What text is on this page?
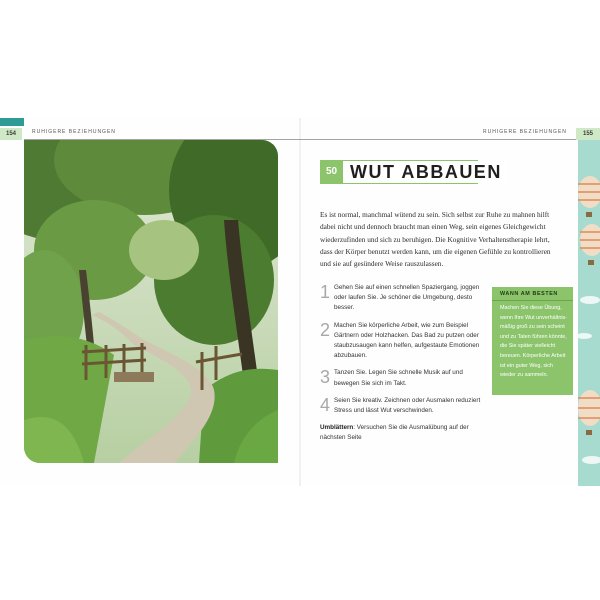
154	RUHIGERE BEZIEHUNGEN	RUHIGERE BEZIEHUNGEN	155
50 WUT ABBAUEN
Es ist normal, manchmal wütend zu sein. Sich selbst zur Ruhe zu mahnen hilft dabei nicht und dennoch braucht man einen Weg, sein eigenes Gleichgewicht wiederzufinden und sich zu beruhigen. Die Kognitive Verhaltenstherapie lehrt, dass der Körper benutzt werden kann, um die eigenen Gefühle zu kontrollieren und sie auf gesündere Weise rauszulassen.
1 Gehen Sie auf einen schnellen Spaziergang, joggen oder laufen Sie. Je schöner die Umgebung, desto besser.
2 Machen Sie körperliche Arbeit, wie zum Beispiel Gärtnern oder Holzhacken. Das Bad zu putzen oder staubzusaugen kann helfen, aufgestaute Emotionen abzubauen.
3 Tanzen Sie. Legen Sie schnelle Musik auf und bewegen Sie sich im Takt.
4 Seien Sie kreativ. Zeichnen oder Ausmalen reduziert Stress und lässt Wut verschwinden.
Umblättern: Versuchen Sie die Ausmalübung auf der nächsten Seite
WANN AM BESTEN
Machen Sie diese Übung, wenn Ihre Wut unverhältnismäßig groß zu sein scheint und zu Taten führen könnte, die Sie später vielleicht bereuen. Körperliche Arbeit ist ein guter Weg, sich wieder zu sammeln.
